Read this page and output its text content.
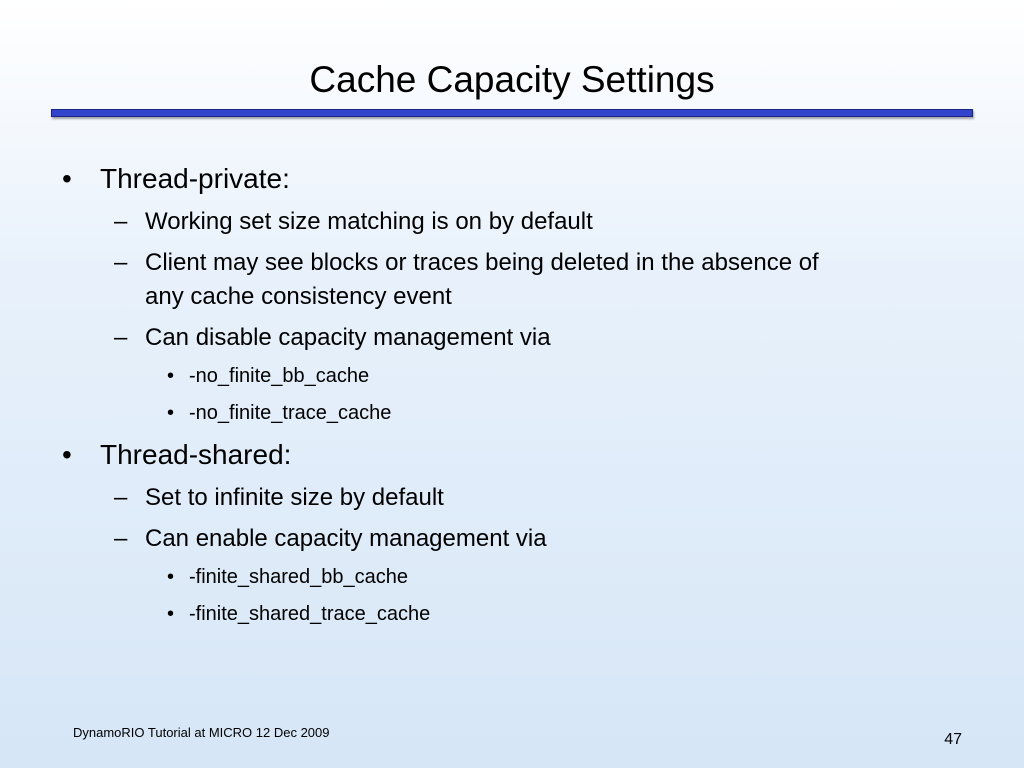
Cache Capacity Settings
• Thread-private:
– Working set size matching is on by default
– Client may see blocks or traces being deleted in the absence of
any cache consistency event
– Can disable capacity management via
• -no_finite_bb_cache
• -no_finite_trace_cache
• Thread-shared:
– Set to infinite size by default
– Can enable capacity management via
• -finite_shared_bb_cache
• -finite_shared_trace_cache
DynamoRIO Tutorial at MICRO 12 Dec 2009	47
